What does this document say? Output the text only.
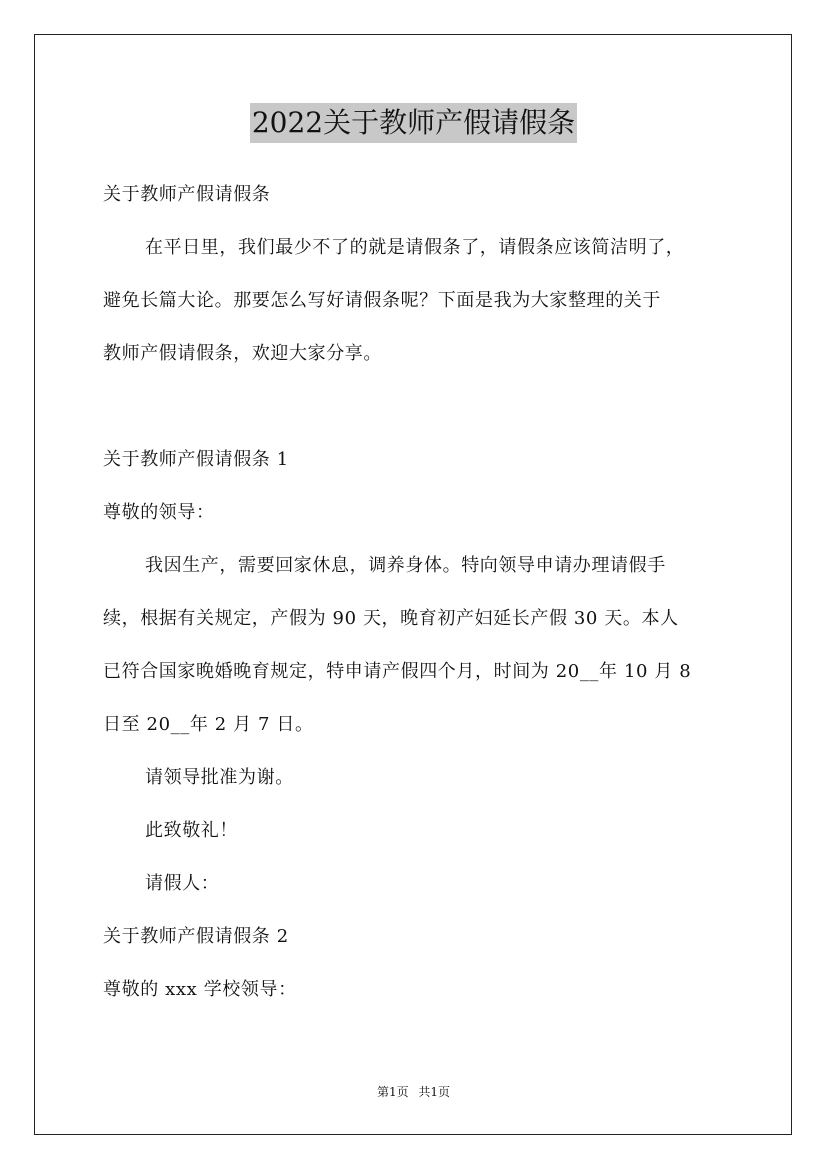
2022关于教师产假请假条
关于教师产假请假条
在平日里，我们最少不了的就是请假条了，请假条应该简洁明了，
避免长篇大论。那要怎么写好请假条呢？下面是我为大家整理的关于
教师产假请假条，欢迎大家分享。
关于教师产假请假条 1
尊敬的领导：
我因生产，需要回家休息，调养身体。特向领导申请办理请假手
续，根据有关规定，产假为 90 天，晚育初产妇延长产假 30 天。本人
已符合国家晚婚晚育规定，特申请产假四个月，时间为 20__年 10 月 8
日至 20__年 2 月 7 日。
请领导批准为谢。
此致敬礼！
请假人：
关于教师产假请假条 2
尊敬的 xxx 学校领导：
第1页 共1页
